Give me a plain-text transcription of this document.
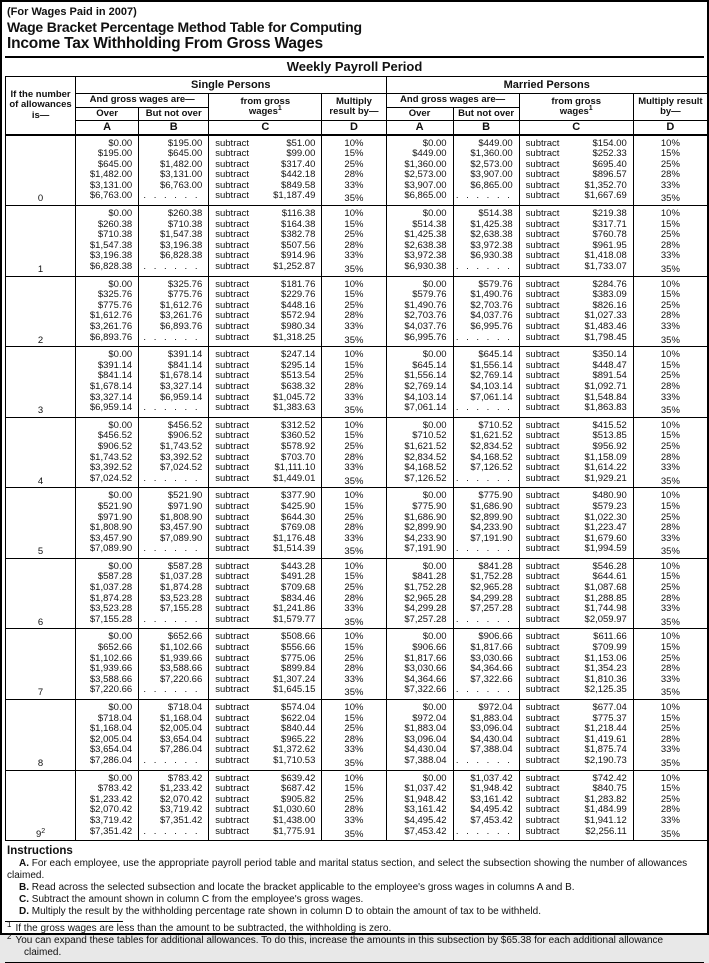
(For Wages Paid in 2007)
Wage Bracket Percentage Method Table for Computing
Income Tax Withholding From Gross Wages
Weekly Payroll Period
If the number of allowances is—	Single Persons				Married Persons			
	And gross wages are—		from gross wages$^1$	Multiply result by—	And gross wages are—		from gross wages$^1$	Multiply result by—
	Over	But not over			Over	But not over		
	A	B	C	D	A	B	C	D
0	$0.00	$195.00	subtract $51.00	10%	$0.00	$449.00	subtract $154.00	10%
	$195.00	$645.00	subtract $99.00	15%	$449.00	$1,360.00	subtract $252.33	15%
	$645.00	$1,482.00	subtract $317.40	25%	$1,360.00	$2,573.00	subtract $695.40	25%
	$1,482.00	$3,131.00	subtract $442.18	28%	$2,573.00	$3,907.00	subtract $896.57	28%
	$3,131.00	$6,763.00	subtract $849.58	33%	$3,907.00	$6,865.00	subtract $1,352.70	33%
	$6,763.00	. . . . . .	subtract $1,187.49	35%	$6,865.00	. . . . . .	subtract $1,667.69	35%
1	$0.00	$260.38	subtract $116.38	10%	$0.00	$514.38	subtract $219.38	10%
	$260.38	$710.38	subtract $164.38	15%	$514.38	$1,425.38	subtract $317.71	15%
	$710.38	$1,547.38	subtract $382.78	25%	$1,425.38	$2,638.38	subtract $760.78	25%
	$1,547.38	$3,196.38	subtract $507.56	28%	$2,638.38	$3,972.38	subtract $961.95	28%
	$3,196.38	$6,828.38	subtract $914.96	33%	$3,972.38	$6,930.38	subtract $1,418.08	33%
	$6,828.38	. . . . . .	subtract $1,252.87	35%	$6,930.38	. . . . . .	subtract $1,733.07	35%
2	$0.00	$325.76	subtract $181.76	10%	$0.00	$579.76	subtract $284.76	10%
	$325.76	$775.76	subtract $229.76	15%	$579.76	$1,490.76	subtract $383.09	15%
	$775.76	$1,612.76	subtract $448.16	25%	$1,490.76	$2,703.76	subtract $826.16	25%
	$1,612.76	$3,261.76	subtract $572.94	28%	$2,703.76	$4,037.76	subtract $1,027.33	28%
	$3,261.76	$6,893.76	subtract $980.34	33%	$4,037.76	$6,995.76	subtract $1,483.46	33%
	$6,893.76	. . . . . .	subtract $1,318.25	35%	$6,995.76	. . . . . .	subtract $1,798.45	35%
3	$0.00	$391.14	subtract $247.14	10%	$0.00	$645.14	subtract $350.14	10%
	$391.14	$841.14	subtract $295.14	15%	$645.14	$1,556.14	subtract $448.47	15%
	$841.14	$1,678.14	subtract $513.54	25%	$1,556.14	$2,769.14	subtract $891.54	25%
	$1,678.14	$3,327.14	subtract $638.32	28%	$2,769.14	$4,103.14	subtract $1,092.71	28%
	$3,327.14	$6,959.14	subtract $1,045.72	33%	$4,103.14	$7,061.14	subtract $1,548.84	33%
	$6,959.14	. . . . . .	subtract $1,383.63	35%	$7,061.14	. . . . . .	subtract $1,863.83	35%
4	$0.00	$456.52	subtract $312.52	10%	$0.00	$710.52	subtract $415.52	10%
	$456.52	$906.52	subtract $360.52	15%	$710.52	$1,621.52	subtract $513.85	15%
	$906.52	$1,743.52	subtract $578.92	25%	$1,621.52	$2,834.52	subtract $956.92	25%
	$1,743.52	$3,392.52	subtract $703.70	28%	$2,834.52	$4,168.52	subtract $1,158.09	28%
	$3,392.52	$7,024.52	subtract $1,111.10	33%	$4,168.52	$7,126.52	subtract $1,614.22	33%
	$7,024.52	. . . . . .	subtract $1,449.01	35%	$7,126.52	. . . . . .	subtract $1,929.21	35%
5	$0.00	$521.90	subtract $377.90	10%	$0.00	$775.90	subtract $480.90	10%
	$521.90	$971.90	subtract $425.90	15%	$775.90	$1,686.90	subtract $579.23	15%
	$971.90	$1,808.90	subtract $644.30	25%	$1,686.90	$2,899.90	subtract $1,022.30	25%
	$1,808.90	$3,457.90	subtract $769.08	28%	$2,899.90	$4,233.90	subtract $1,223.47	28%
	$3,457.90	$7,089.90	subtract $1,176.48	33%	$4,233.90	$7,191.90	subtract $1,679.60	33%
	$7,089.90	. . . . . .	subtract $1,514.39	35%	$7,191.90	. . . . . .	subtract $1,994.59	35%
6	$0.00	$587.28	subtract $443.28	10%	$0.00	$841.28	subtract $546.28	10%
	$587.28	$1,037.28	subtract $491.28	15%	$841.28	$1,752.28	subtract $644.61	15%
	$1,037.28	$1,874.28	subtract $709.68	25%	$1,752.28	$2,965.28	subtract $1,087.68	25%
	$1,874.28	$3,523.28	subtract $834.46	28%	$2,965.28	$4,299.28	subtract $1,288.85	28%
	$3,523.28	$7,155.28	subtract $1,241.86	33%	$4,299.28	$7,257.28	subtract $1,744.98	33%
	$7,155.28	. . . . . .	subtract $1,579.77	35%	$7,257.28	. . . . . .	subtract $2,059.97	35%
7	$0.00	$652.66	subtract $508.66	10%	$0.00	$906.66	subtract $611.66	10%
	$652.66	$1,102.66	subtract $556.66	15%	$906.66	$1,817.66	subtract $709.99	15%
	$1,102.66	$1,939.66	subtract $775.06	25%	$1,817.66	$3,030.66	subtract $1,153.06	25%
	$1,939.66	$3,588.66	subtract $899.84	28%	$3,030.66	$4,364.66	subtract $1,354.23	28%
	$3,588.66	$7,220.66	subtract $1,307.24	33%	$4,364.66	$7,322.66	subtract $1,810.36	33%
	$7,220.66	. . . . . .	subtract $1,645.15	35%	$7,322.66	. . . . . .	subtract $2,125.35	35%
8	$0.00	$718.04	subtract $574.04	10%	$0.00	$972.04	subtract $677.04	10%
	$718.04	$1,168.04	subtract $622.04	15%	$972.04	$1,883.04	subtract $775.37	15%
	$1,168.04	$2,005.04	subtract $840.44	25%	$1,883.04	$3,096.04	subtract $1,218.44	25%
	$2,005.04	$3,654.04	subtract $965.22	28%	$3,096.04	$4,430.04	subtract $1,419.61	28%
	$3,654.04	$7,286.04	subtract $1,372.62	33%	$4,430.04	$7,388.04	subtract $1,875.74	33%
	$7,286.04	. . . . . .	subtract $1,710.53	35%	$7,388.04	. . . . . .	subtract $2,190.73	35%
$9^2$	$0.00	$783.42	subtract $639.42	10%	$0.00	$1,037.42	subtract $742.42	10%
	$783.42	$1,233.42	subtract $687.42	15%	$1,037.42	$1,948.42	subtract $840.75	15%
	$1,233.42	$2,070.42	subtract $905.82	25%	$1,948.42	$3,161.42	subtract $1,283.82	25%
	$2,070.42	$3,719.42	subtract $1,030.60	28%	$3,161.42	$4,495.42	subtract $1,484.99	28%
	$3,719.42	$7,351.42	subtract $1,438.00	33%	$4,495.42	$7,453.42	subtract $1,941.12	33%
	$7,351.42	. . . . . .	subtract $1,775.91	35%	$7,453.42	. . . . . .	subtract $2,256.11	35%
Instructions

A. For each employee, use the appropriate payroll period table and marital status section, and select the subsection showing the number of allowances claimed.

B. Read across the selected subsection and locate the bracket applicable to the employee's gross wages in columns A and B.

C. Subtract the amount shown in column C from the employee's gross wages.

D. Multiply the result by the withholding percentage rate shown in column D to obtain the amount of tax to be withheld.

$^1$ If the gross wages are less than the amount to be subtracted, the withholding is zero.

$^2$ You can expand these tables for additional allowances. To do this, increase the amounts in this subsection by $65.38 for each additional allowance claimed.
